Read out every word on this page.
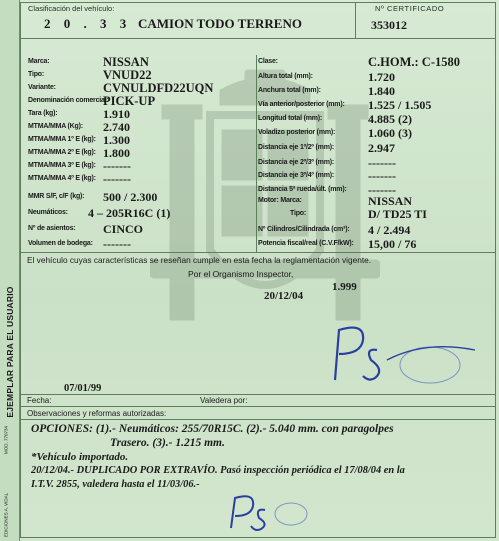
EJEMPLAR PARA EL USUARIO
MOD. 770734
EDICIONES A. VIDAL
Clasificación del vehículo:	Nº CERTIFICADO
2 0 . 3 3 CAMION TODO TERRENO	353012
Marca:	NISSAN
Tipo:	VNUD22
Variante:	CVNULDFD22UQN
Denominación comercial:
PICK-UP
Tara (kg):	1.910
MTMA/MMA (Kg): 2.740
MTMA/MMA 1º E (kg): 1.300
MTMA/MMA 2º E (kg): 1.800
MTMA/MMA 3º E (kg): -------
MTMA/MMA 4º E (kg): -------
MMR S/F, c/F (kg): 500 / 2.300
Neumáticos: 4 – 205R16C (1)
Nº de asientos: CINCO
Volumen de bodega: -------
Clase:	C.HOM.: C-1580
Altura total (mm):	1.720
Anchura total (mm):	1.840
Vía anterior/posterior (mm): 1.525 / 1.505
Longitud total (mm):	4.885 (2)
Voladizo posterior (mm):	1.060 (3)
Distancia eje 1º/2º (mm):	2.947
Distancia eje 2º/3º (mm):	-------
Distancia eje 3º/4º (mm):	-------
Distancia 5ª rueda/últ. (mm): -------
Motor: Marca:	NISSAN
Tipo:	D/ TD25 TI
Nº Cilindros/Cilindrada (cm³): 4 / 2.494
Potencia fiscal/real (C.V.F/kW): 15,00 / 76
El vehículo cuyas características se reseñan cumple en esta fecha la reglamentación vigente.
Por el Organismo Inspector,
1.999
20/12/04
07/01/99
Fecha:	Valedera por:
Observaciones y reformas autorizadas:
OPCIONES: (1).- Neumáticos: 255/70R15C. (2).- 5.040 mm. con paragolpes
Trasero. (3).- 1.215 mm.
*Vehículo importado.
20/12/04.- DUPLICADO POR EXTRAVÍO. Pasó inspección periódica el 17/08/04 en la
I.T.V. 2855, valedera hasta el 11/03/06.-
